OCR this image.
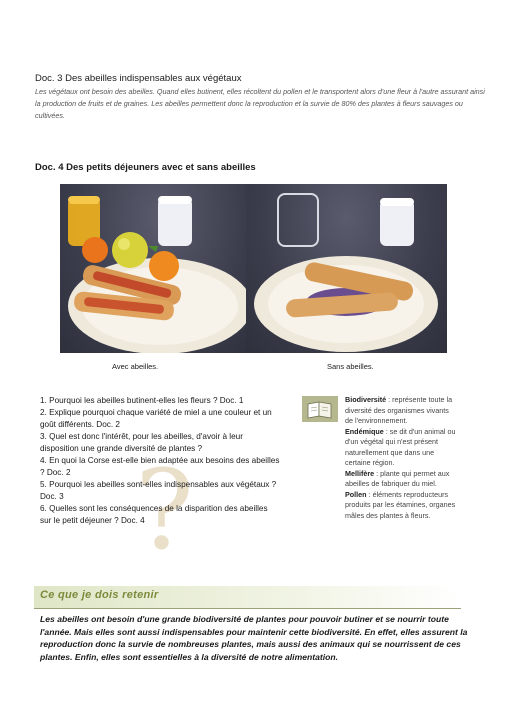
Doc. 3 Des abeilles indispensables aux végétaux

Les végétaux ont besoin des abeilles. Quand elles butinent, elles récoltent du pollen et le transportent alors d'une fleur à l'autre assurant ainsi la production de fruits et de graines. Les abeilles permettent donc la reproduction et la survie de 80% des plantes à fleurs sauvages ou cultivées.

Doc. 4 Des petits déjeuners avec et sans abeilles

Avec abeilles.	Sans abeilles.

?
1. Pourquoi les abeilles butinent-elles les fleurs ? Doc. 1
2. Explique pourquoi chaque variété de miel a une couleur et un goût différents. Doc. 2
3. Quel est donc l'intérêt, pour les abeilles, d'avoir à leur disposition une grande diversité de plantes ?
4. En quoi la Corse est-elle bien adaptée aux besoins des abeilles ? Doc. 2
5. Pourquoi les abeilles sont-elles indispensables aux végétaux ? Doc. 3
6. Quelles sont les conséquences de la disparition des abeilles sur le petit déjeuner ? Doc. 4

Biodiversité : représente toute la diversité des organismes vivants de l'environnement.

Endémique : se dit d'un animal ou d'un végétal qui n'est présent naturellement que dans une certaine région.

Mellifère : plante qui permet aux abeilles de fabriquer du miel.

Pollen : éléments reproducteurs produits par les étamines, organes mâles des plantes à fleurs.

Ce que je dois retenir

Les abeilles ont besoin d'une grande biodiversité de plantes pour pouvoir butiner et se nourrir toute l'année. Mais elles sont aussi indispensables pour maintenir cette biodiversité. En effet, elles assurent la reproduction donc la survie de nombreuses plantes, mais aussi des animaux qui se nourrissent de ces plantes. Enfin, elles sont essentielles à la diversité de notre alimentation.
